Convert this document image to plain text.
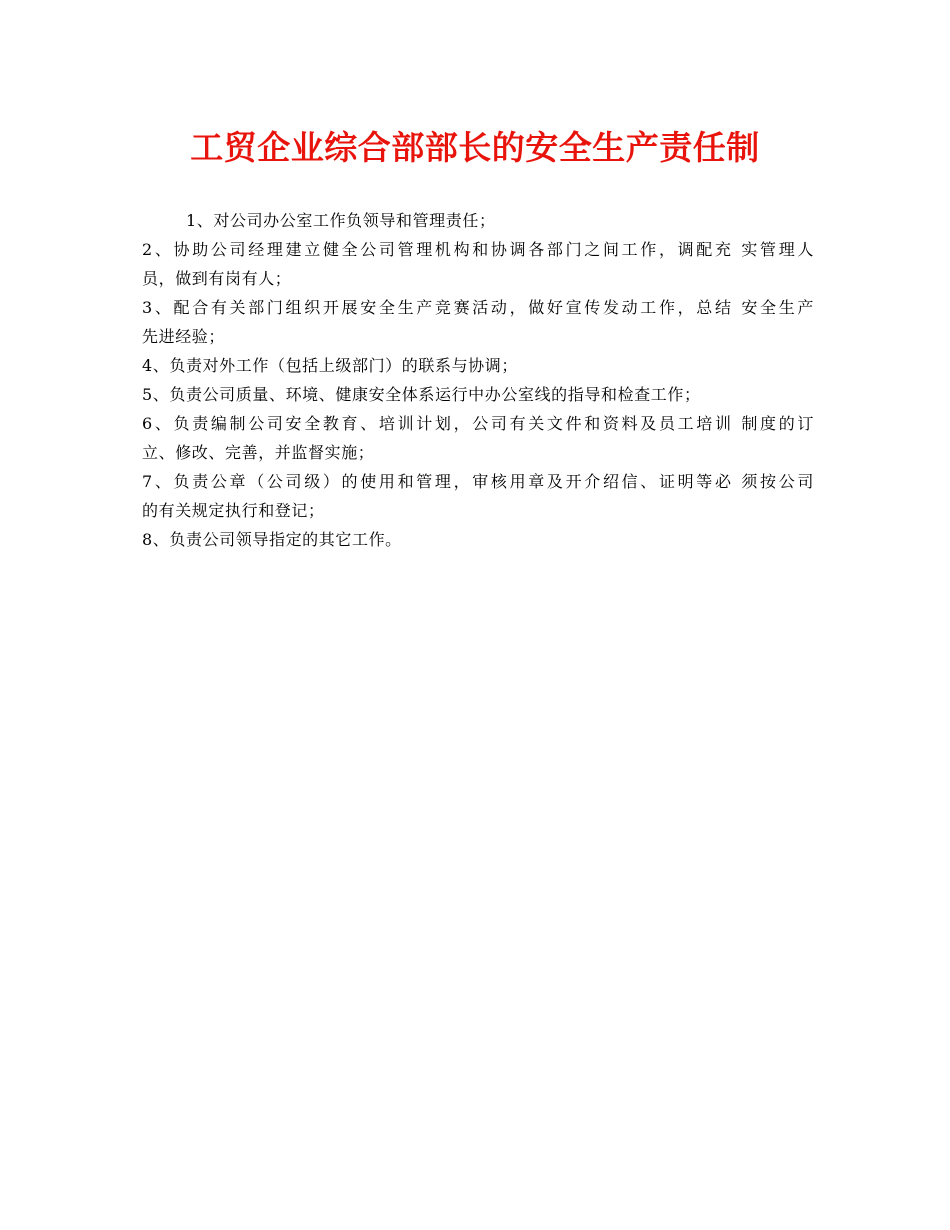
工贸企业综合部部长的安全生产责任制
1、对公司办公室工作负领导和管理责任；
2、协助公司经理建立健全公司管理机构和协调各部门之间工作，调配充 实管理人
员，做到有岗有人；
3、配合有关部门组织开展安全生产竞赛活动，做好宣传发动工作，总结 安全生产
先进经验；
4、负责对外工作（包括上级部门）的联系与协调；
5、负责公司质量、环境、健康安全体系运行中办公室线的指导和检查工作；
6、负责编制公司安全教育、培训计划，公司有关文件和资料及员工培训 制度的订
立、修改、完善，并监督实施；
7、负责公章（公司级）的使用和管理，审核用章及开介绍信、证明等必 须按公司
的有关规定执行和登记；
8、负责公司领导指定的其它工作。
